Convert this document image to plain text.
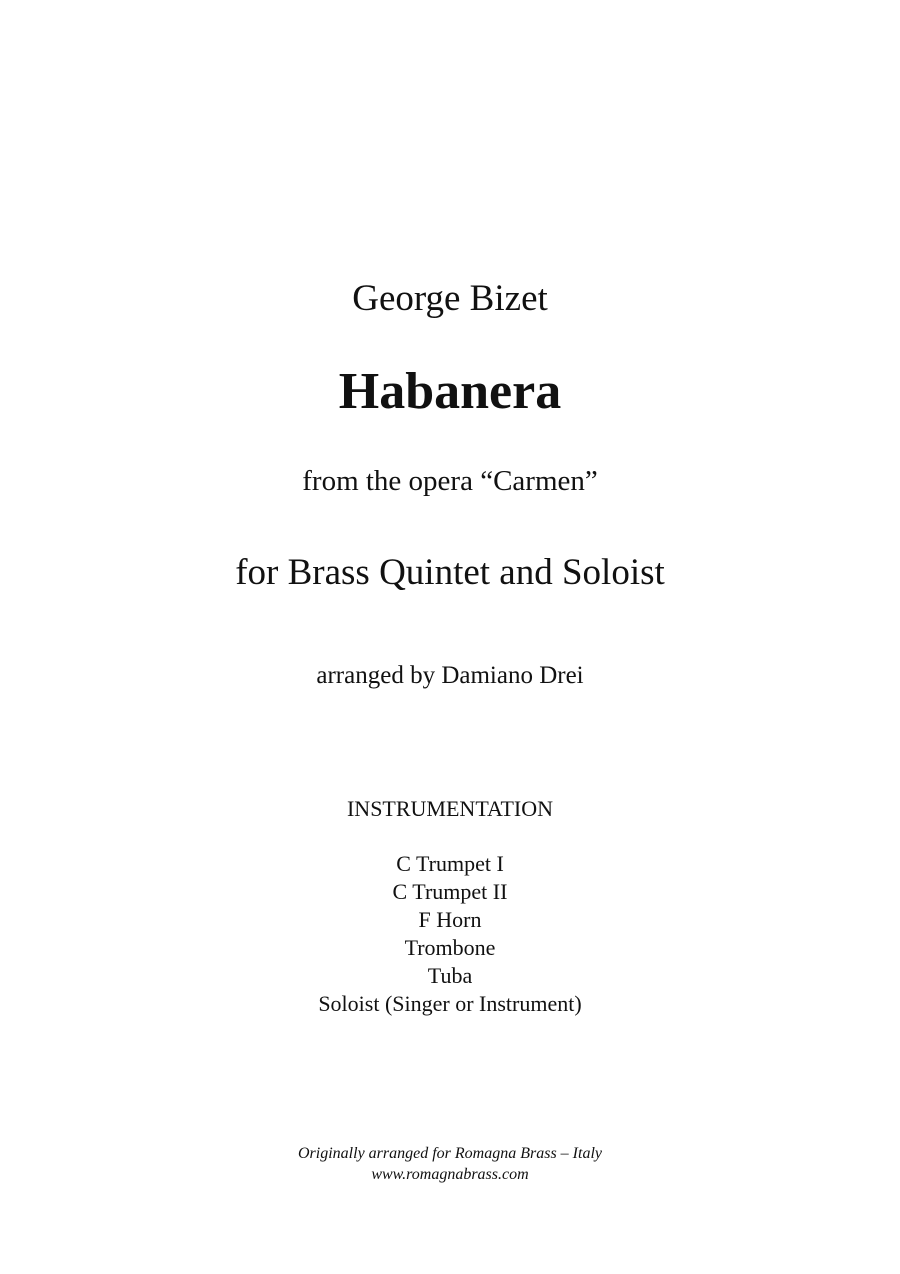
George Bizet
Habanera
from the opera “Carmen”
for Brass Quintet and Soloist
arranged by Damiano Drei
INSTRUMENTATION
C Trumpet I
C Trumpet II
F Horn
Trombone
Tuba
Soloist (Singer or Instrument)
Originally arranged for Romagna Brass – Italy
www.romagnabrass.com
